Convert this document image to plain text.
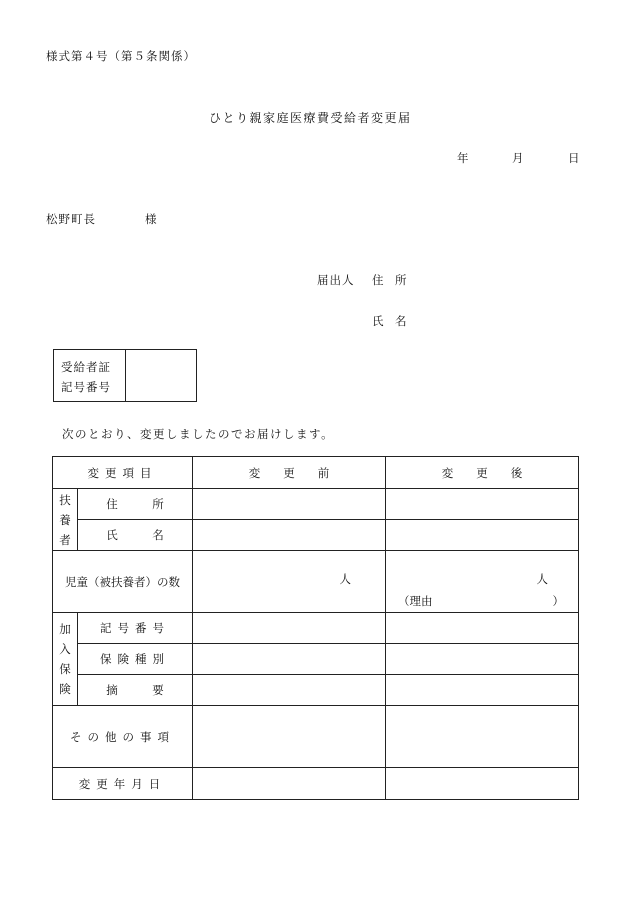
様式第４号（第５条関係）
ひとり親家庭医療費受給者変更届
年	月	日
松野町長	様
届出人 住　所
氏　名
受給者証
記号番号
次のとおり、変更しましたのでお届けします。
変更項目		変　　更　　前	変　　更　　後

扶
養
者	住　　　所		
	氏　　　名		
児童（被扶養者）の数		人	人
（理由 ）

加
入
保
険	記号番号		
	保険種別		
	摘　　　要		
その他の事項			
変更年月日			
